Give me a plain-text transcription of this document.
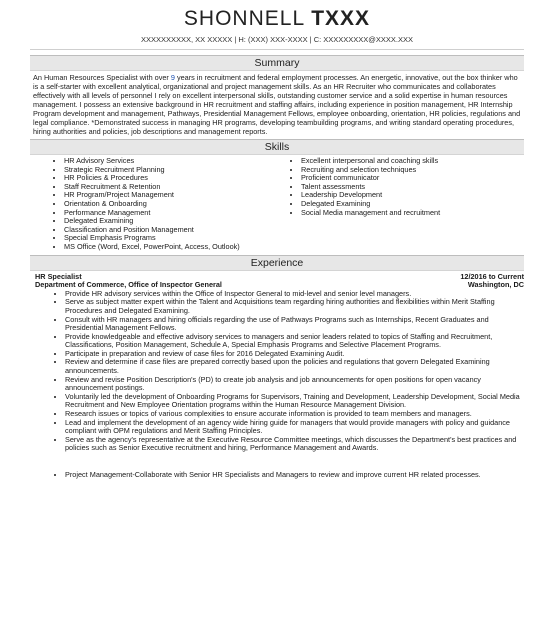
SHONNELL TXXX
XXXXXXXXXX, XX XXXXX | H: (XXX) XXX-XXXX | C: XXXXXXXXX@XXXX.XXX
Summary
An Human Resources Specialist with over 9 years in recruitment and federal employment processes. An energetic, innovative, out the box thinker who is a self-starter with excellent analytical, organizational and project management skills. As an HR Recruiter who communicates and collaborates effectively with all levels of personnel I rely on excellent interpersonal skills, outstanding customer service and a solid expertise in human resources management. I possess an extensive background in HR recruitment and staffing affairs, including experience in position management, HR Internship Program development and management, Pathways, Presidential Management Fellows, employee onboarding, orientation, HR policies, regulations and legal compliance. *Demonstrated success in managing HR programs, developing teambuilding programs, and writing standard operating procedures, hiring authorities and policies, job descriptions and management reports.
Skills
• HR Advisory Services
• Strategic Recruitment Planning
• HR Policies & Procedures
• Staff Recruitment & Retention
• HR Program/Project Management
• Orientation & Onboarding
• Performance Management
• Delegated Examining
• Classification and Position Management
• Special Emphasis Programs
• MS Office (Word, Excel, PowerPoint, Access, Outlook)
• Excellent interpersonal and coaching skills
• Recruiting and selection techniques
• Proficient communicator
• Talent assessments
• Leadership Development
• Delegated Examining
• Social Media management and recruitment
Experience
HR Specialist	12/2016 to Current
Department of Commerce, Office of Inspector General	Washington, DC
• Provide HR advisory services within the Office of Inspector General to mid-level and senior level managers.
• Serve as subject matter expert within the Talent and Acquisitions team regarding hiring authorities and flexibilities within Merit Staffing Procedures and Delegated Examining.
• Consult with HR managers and hiring officials regarding the use of Pathways Programs such as Internships, Recent Graduates and Presidential Management Fellows.
• Provide knowledgeable and effective advisory services to managers and senior leaders related to topics of Staffing and Recruitment, Classifications, Position Management, Schedule A, Special Emphasis Programs and Selective Placement Programs.
• Participate in preparation and review of case files for 2016 Delegated Examining Audit.
• Review and determine if case files are prepared correctly based upon the policies and regulations that govern Delegated Examining announcements.
• Review and revise Position Description's (PD) to create job analysis and job announcements for open positions for open vacancy announcement postings.
• Voluntarily led the development of Onboarding Programs for Supervisors, Training and Development, Leadership Development, Social Media Recruitment and New Employee Orientation programs within the Human Resource Management Division.
• Research issues or topics of various complexities to ensure accurate information is provided to team members and managers.
• Lead and implement the development of an agency wide hiring guide for managers that would provide managers with policy and guidance compliant with OPM regulations and Merit Staffing Principles.
• Serve as the agency's representative at the Executive Resource Committee meetings, which discusses the Department's best practices and policies such as Senior Executive recruitment and hiring, Performance Management and Awards.
• Project Management-Collaborate with Senior HR Specialists and Managers to review and improve current HR related processes.
